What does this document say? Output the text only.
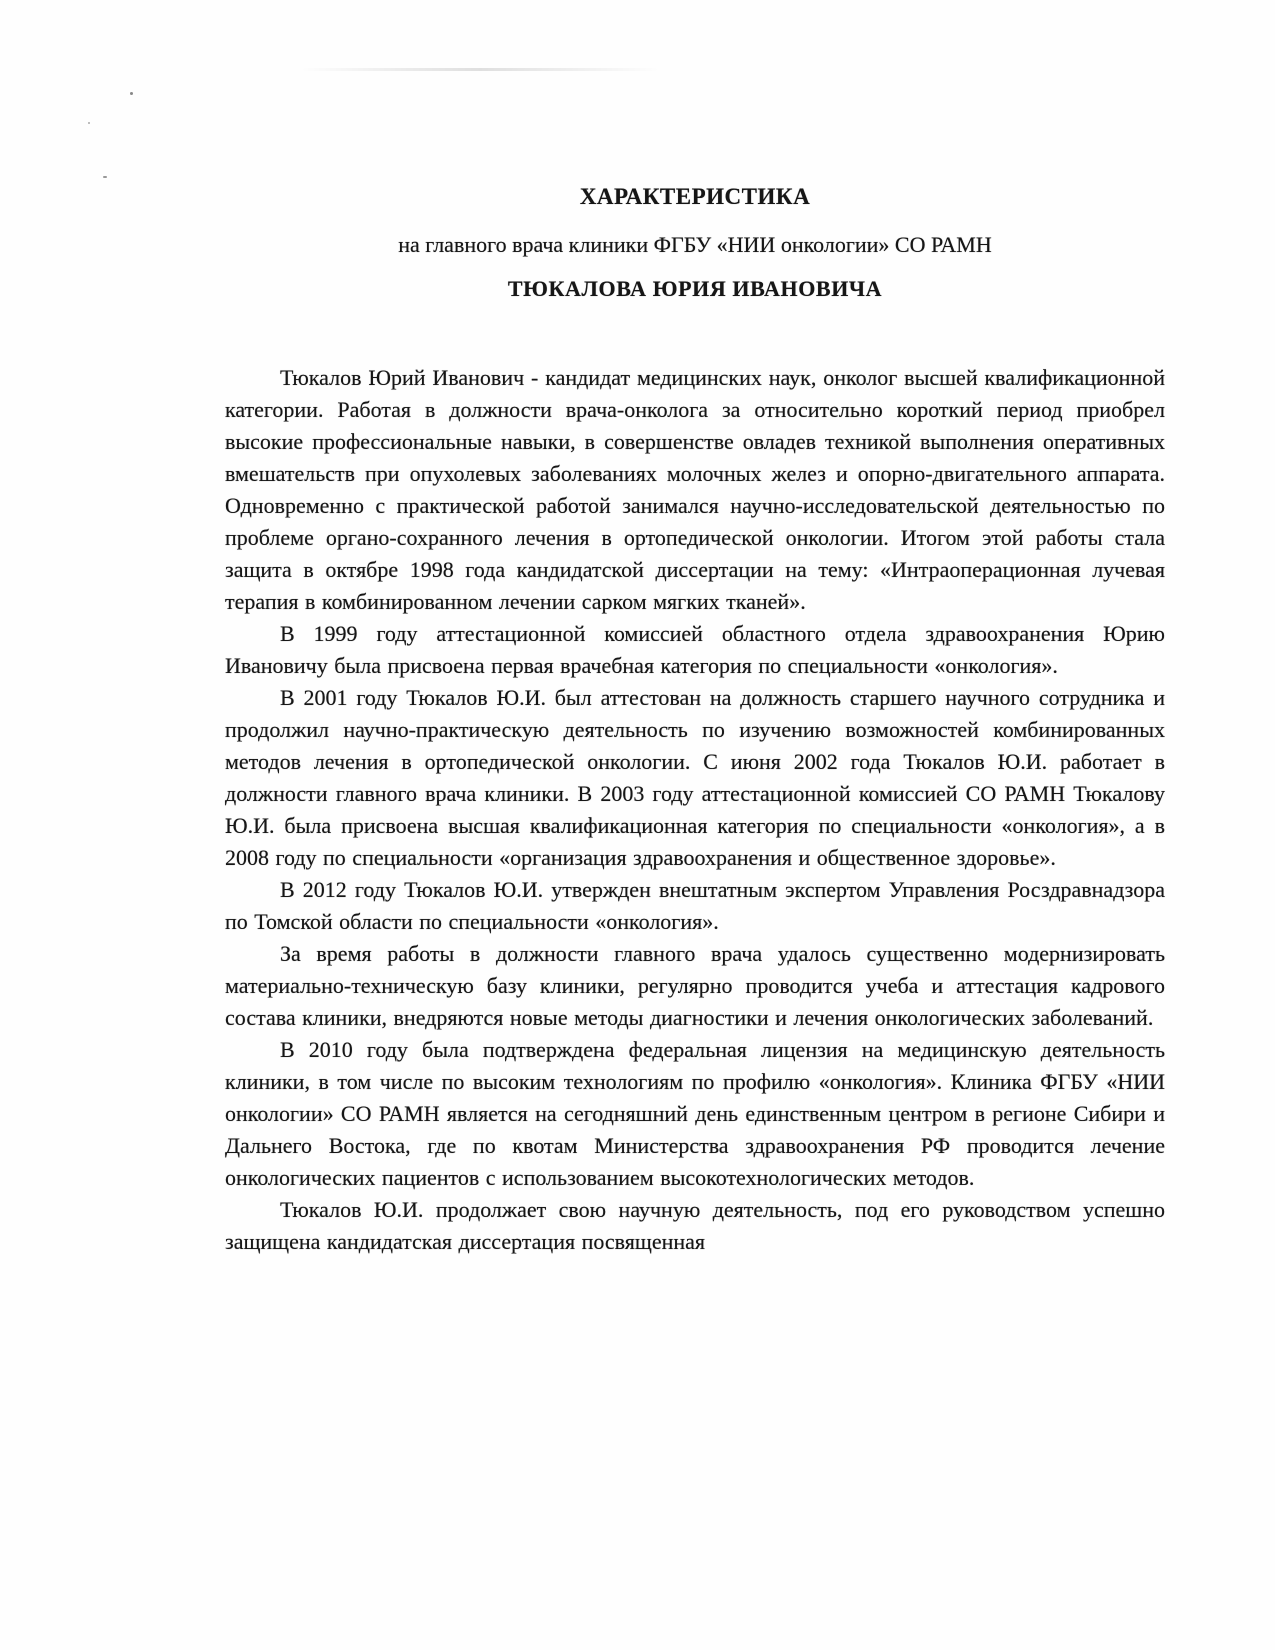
ХАРАКТЕРИСТИКА

на главного врача клиники ФГБУ «НИИ онкологии» СО РАМН

ТЮКАЛОВА ЮРИЯ ИВАНОВИЧА

Тюкалов Юрий Иванович - кандидат медицинских наук, онколог высшей квалификационной категории. Работая в должности врача-онколога за относительно короткий период приобрел высокие профессиональные навыки, в совершенстве овладев техникой выполнения оперативных вмешательств при опухолевых заболеваниях молочных желез и опорно-двигательного аппарата. Одновременно с практической работой занимался научно-исследовательской деятельностью по проблеме органо-сохранного лечения в ортопедической онкологии. Итогом этой работы стала защита в октябре 1998 года кандидатской диссертации на тему: «Интраоперационная лучевая терапия в комбинированном лечении сарком мягких тканей».

В 1999 году аттестационной комиссией областного отдела здравоохранения Юрию Ивановичу была присвоена первая врачебная категория по специальности «онкология».

В 2001 году Тюкалов Ю.И. был аттестован на должность старшего научного сотрудника и продолжил научно-практическую деятельность по изучению возможностей комбинированных методов лечения в ортопедической онкологии. С июня 2002 года Тюкалов Ю.И. работает в должности главного врача клиники. В 2003 году аттестационной комиссией СО РАМН Тюкалову Ю.И. была присвоена высшая квалификационная категория по специальности «онкология», а в 2008 году по специальности «организация здравоохранения и общественное здоровье».

В 2012 году Тюкалов Ю.И. утвержден внештатным экспертом Управления Росздравнадзора по Томской области по специальности «онкология».

За время работы в должности главного врача удалось существенно модернизировать материально-техническую базу клиники, регулярно проводится учеба и аттестация кадрового состава клиники, внедряются новые методы диагностики и лечения онкологических заболеваний.

В 2010 году была подтверждена федеральная лицензия на медицинскую деятельность клиники, в том числе по высоким технологиям по профилю «онкология». Клиника ФГБУ «НИИ онкологии» СО РАМН является на сегодняшний день единственным центром в регионе Сибири и Дальнего Востока, где по квотам Министерства здравоохранения РФ проводится лечение онкологических пациентов с использованием высокотехнологических методов.

Тюкалов Ю.И. продолжает свою научную деятельность, под его руководством успешно защищена кандидатская диссертация посвященная
